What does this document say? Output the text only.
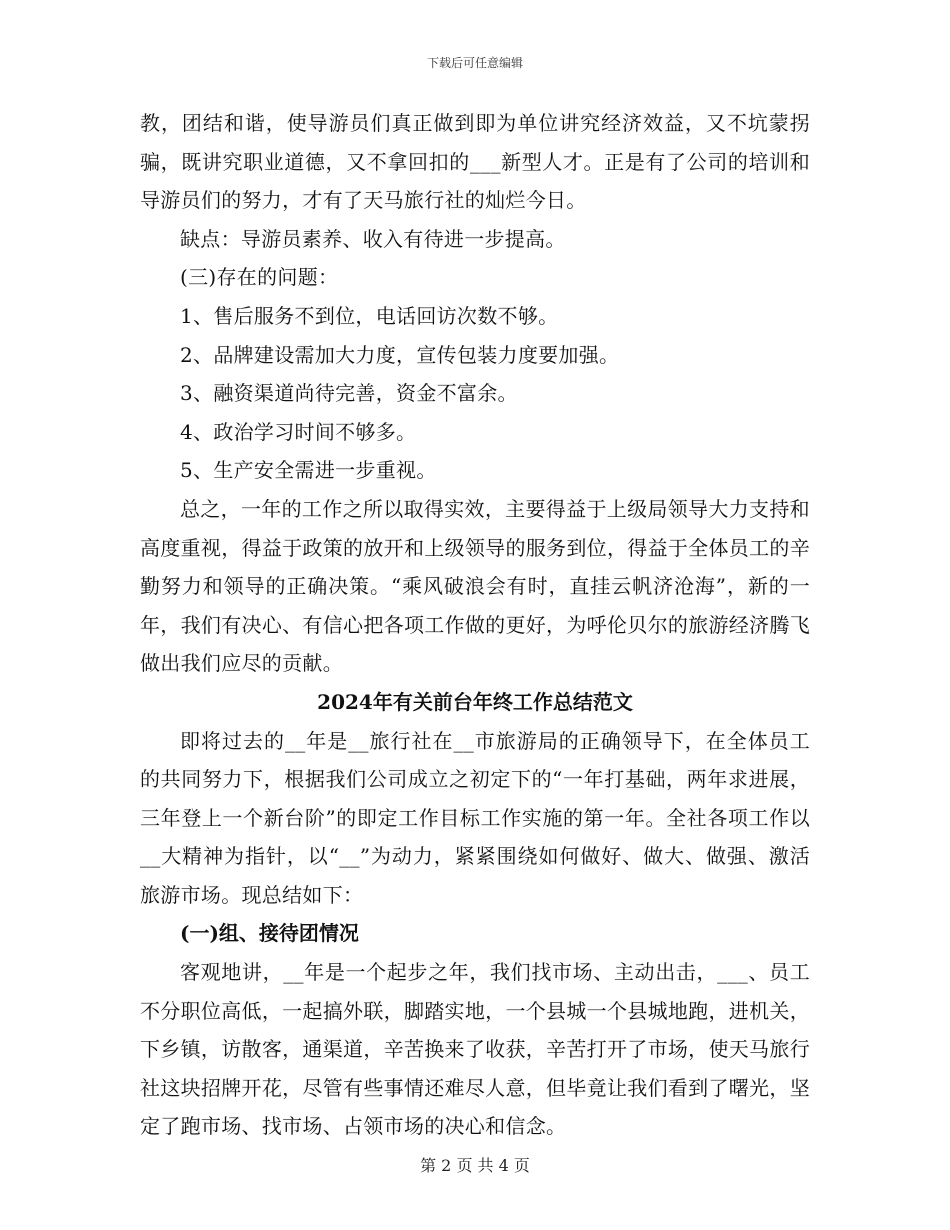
下载后可任意编辑

教，团结和谐，使导游员们真正做到即为单位讲究经济效益，又不坑蒙拐骗，既讲究职业道德，又不拿回扣的___新型人才。正是有了公司的培训和导游员们的努力，才有了天马旅行社的灿烂今日。

缺点：导游员素养、收入有待进一步提高。

(三)存在的问题：

1、售后服务不到位，电话回访次数不够。

2、品牌建设需加大力度，宣传包装力度要加强。

3、融资渠道尚待完善，资金不富余。

4、政治学习时间不够多。

5、生产安全需进一步重视。

总之，一年的工作之所以取得实效，主要得益于上级局领导大力支持和高度重视，得益于政策的放开和上级领导的服务到位，得益于全体员工的辛勤努力和领导的正确决策。“乘风破浪会有时，直挂云帆济沧海”，新的一年，我们有决心、有信心把各项工作做的更好，为呼伦贝尔的旅游经济腾飞做出我们应尽的贡献。

2024年有关前台年终工作总结范文

即将过去的__年是__旅行社在__市旅游局的正确领导下，在全体员工的共同努力下，根据我们公司成立之初定下的“一年打基础，两年求进展，三年登上一个新台阶”的即定工作目标工作实施的第一年。全社各项工作以__大精神为指针，以“__”为动力，紧紧围绕如何做好、做大、做强、激活旅游市场。现总结如下：

(一)组、接待团情况

客观地讲，__年是一个起步之年，我们找市场、主动出击，___、员工不分职位高低，一起搞外联，脚踏实地，一个县城一个县城地跑，进机关，下乡镇，访散客，通渠道，辛苦换来了收获，辛苦打开了市场，使天马旅行社这块招牌开花，尽管有些事情还难尽人意，但毕竟让我们看到了曙光，坚定了跑市场、找市场、占领市场的决心和信念。

第 2 页 共 4 页
